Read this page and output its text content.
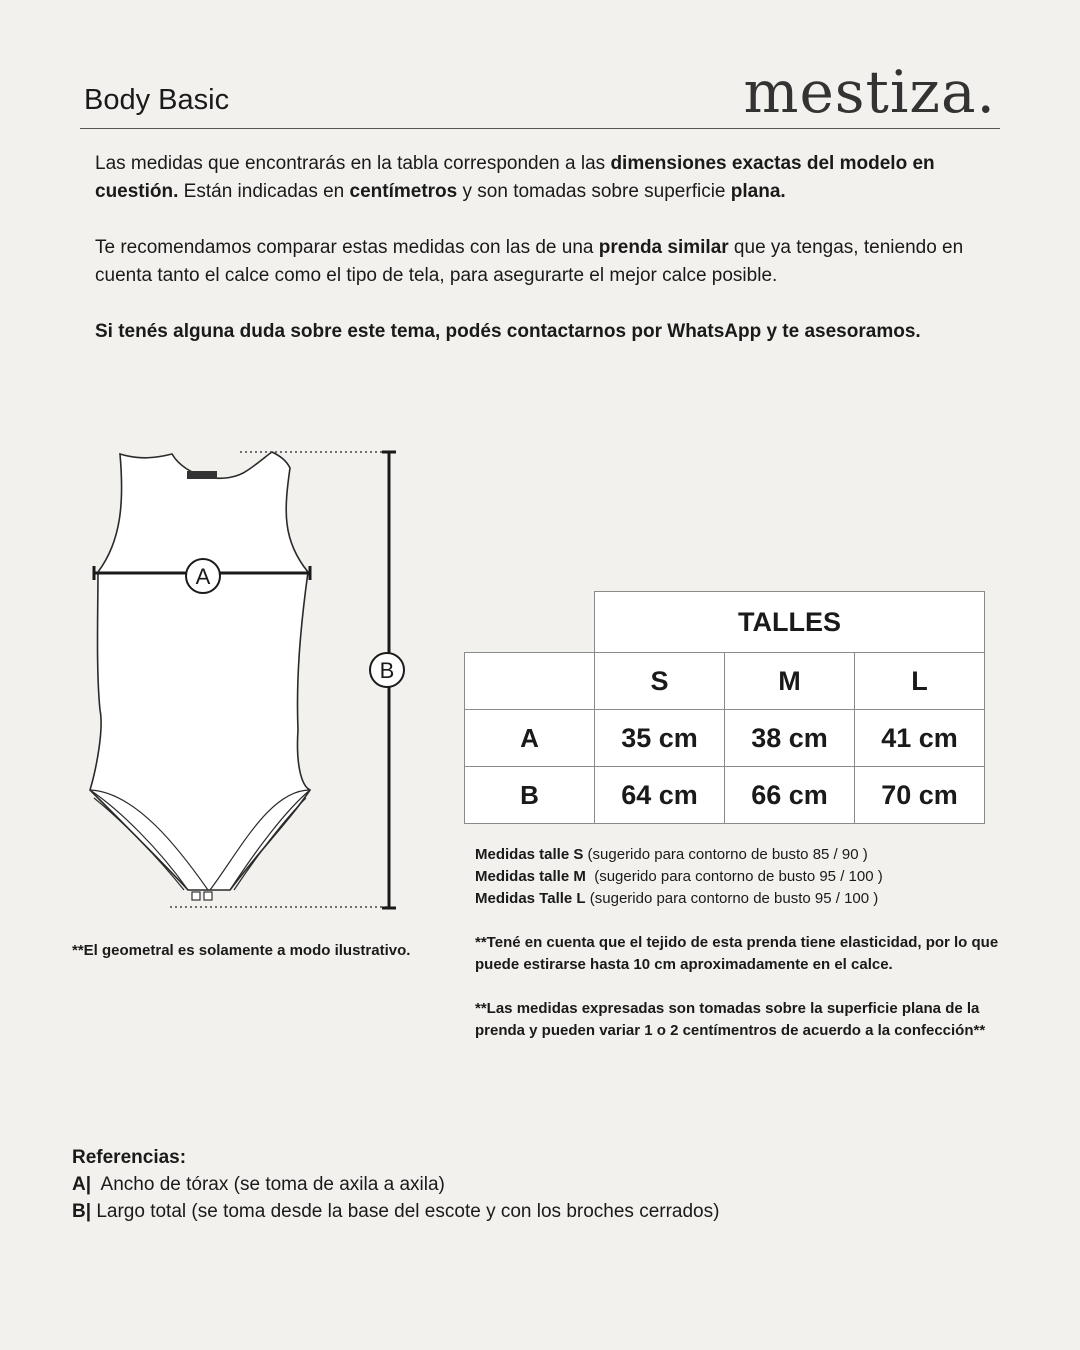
Body Basic	mestiza.

Las medidas que encontrarás en la tabla corresponden a las dimensiones exactas del modelo en cuestión. Están indicadas en centímetros y son tomadas sobre superficie plana.

Te recomendamos comparar estas medidas con las de una prenda similar que ya tengas, teniendo en cuenta tanto el calce como el tipo de tela, para asegurarte el mejor calce posible.

Si tenés alguna duda sobre este tema, podés contactarnos por WhatsApp y te asesoramos.

A
B
**El geometral es solamente a modo ilustrativo.
	TALLES		
	S	M	L
A	35 cm	38 cm	41 cm
B	64 cm	66 cm	70 cm
Medidas talle S (sugerido para contorno de busto 85 / 90 )
Medidas talle M  (sugerido para contorno de busto 95 / 100 )
Medidas Talle L (sugerido para contorno de busto 95 / 100 )

**Tené en cuenta que el tejido de esta prenda tiene elasticidad, por lo que puede estirarse hasta 10 cm aproximadamente en el calce.

**Las medidas expresadas son tomadas sobre la superficie plana de la prenda y pueden variar 1 o 2 centímentros de acuerdo a la confección**

Referencias:
A|  Ancho de tórax (se toma de axila a axila)
B| Largo total (se toma desde la base del escote y con los broches cerrados)
